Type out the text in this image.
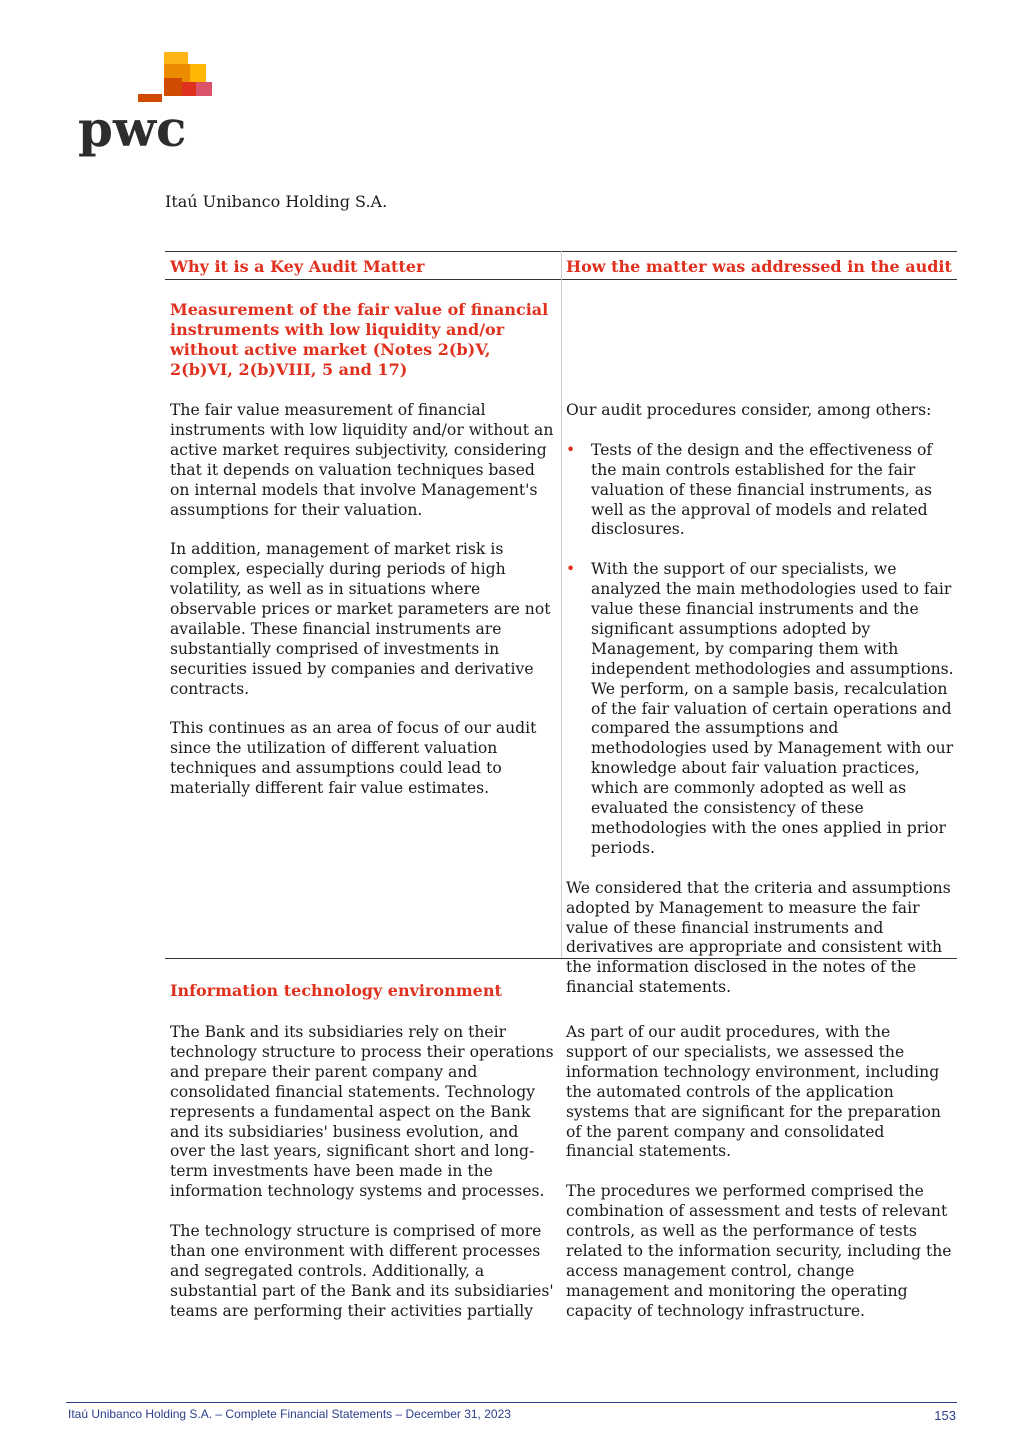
pwc
Itaú Unibanco Holding S.A.
Why it is a Key Audit Matter	How the matter was addressed in the audit
Measurement of the fair value of financial instruments with low liquidity and/or without active market (Notes 2(b)V, 2(b)VI, 2(b)VIII, 5 and 17)

The fair value measurement of financial instruments with low liquidity and/or without an active market requires subjectivity, considering that it depends on valuation techniques based on internal models that involve Management's assumptions for their valuation.

In addition, management of market risk is complex, especially during periods of high volatility, as well as in situations where observable prices or market parameters are not available. These financial instruments are substantially comprised of investments in securities issued by companies and derivative contracts.

This continues as an area of focus of our audit since the utilization of different valuation techniques and assumptions could lead to materially different fair value estimates.

Our audit procedures consider, among others:

• Tests of the design and the effectiveness of the main controls established for the fair valuation of these financial instruments, as well as the approval of models and related disclosures.
• With the support of our specialists, we analyzed the main methodologies used to fair value these financial instruments and the significant assumptions adopted by Management, by comparing them with independent methodologies and assumptions. We perform, on a sample basis, recalculation of the fair valuation of certain operations and compared the assumptions and methodologies used by Management with our knowledge about fair valuation practices, which are commonly adopted as well as evaluated the consistency of these methodologies with the ones applied in prior periods.

We considered that the criteria and assumptions adopted by Management to measure the fair value of these financial instruments and derivatives are appropriate and consistent with the information disclosed in the notes of the financial statements.

Information technology environment

The Bank and its subsidiaries rely on their technology structure to process their operations and prepare their parent company and consolidated financial statements. Technology represents a fundamental aspect on the Bank and its subsidiaries' business evolution, and over the last years, significant short and long-term investments have been made in the information technology systems and processes.

The technology structure is comprised of more than one environment with different processes and segregated controls. Additionally, a substantial part of the Bank and its subsidiaries' teams are performing their activities partially

As part of our audit procedures, with the support of our specialists, we assessed the information technology environment, including the automated controls of the application systems that are significant for the preparation of the parent company and consolidated financial statements.

The procedures we performed comprised the combination of assessment and tests of relevant controls, as well as the performance of tests related to the information security, including the access management control, change management and monitoring the operating capacity of technology infrastructure.

Itaú Unibanco Holding S.A. – Complete Financial Statements – December 31, 2023	153
